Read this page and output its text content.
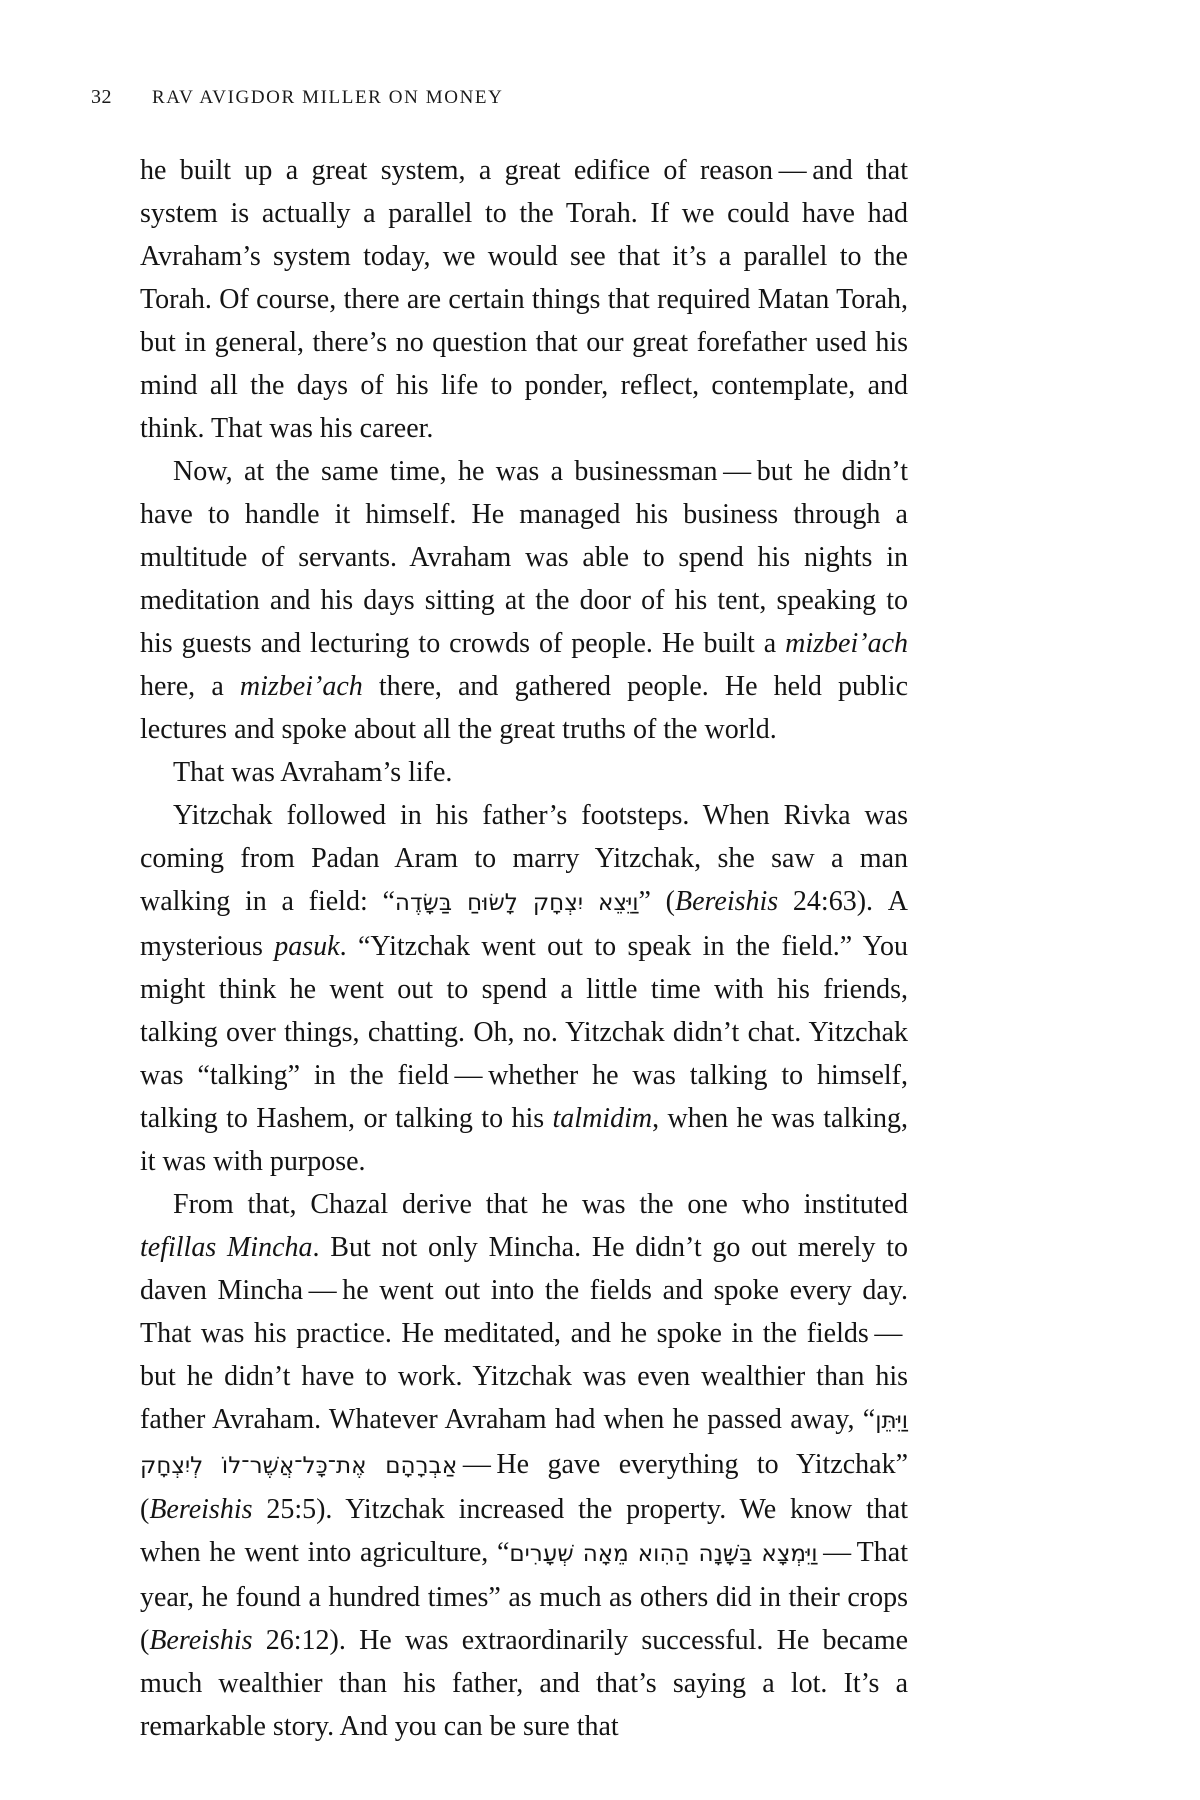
32 RAV AVIGDOR MILLER ON MONEY

he built up a great system, a great edifice of reason — and that system is actually a parallel to the Torah. If we could have had Avraham’s system today, we would see that it’s a parallel to the Torah. Of course, there are certain things that required Matan Torah, but in general, there’s no question that our great forefather used his mind all the days of his life to ponder, reflect, contemplate, and think. That was his career.

Now, at the same time, he was a businessman — but he didn’t have to handle it himself. He managed his business through a multitude of servants. Avraham was able to spend his nights in meditation and his days sitting at the door of his tent, speaking to his guests and lecturing to crowds of people. He built a mizbei’ach here, a mizbei’ach there, and gathered people. He held public lectures and spoke about all the great truths of the world.

That was Avraham’s life.

Yitzchak followed in his father’s footsteps. When Rivka was coming from Padan Aram to marry Yitzchak, she saw a man walking in a field: “וַיֵּצֵא יִצְחָק לָשׂוּחַ בַּשָּׂדֶה” (Bereishis 24:63). A mysterious pasuk. “Yitzchak went out to speak in the field.” You might think he went out to spend a little time with his friends, talking over things, chatting. Oh, no. Yitzchak didn’t chat. Yitzchak was “talking” in the field — whether he was talking to himself, talking to Hashem, or talking to his talmidim, when he was talking, it was with purpose.

From that, Chazal derive that he was the one who instituted tefillas Mincha. But not only Mincha. He didn’t go out merely to daven Mincha — he went out into the fields and spoke every day. That was his practice. He meditated, and he spoke in the fields — but he didn’t have to work. Yitzchak was even wealthier than his father Avraham. Whatever Avraham had when he passed away, “וַיִּתֵּן אַבְרָהָם אֶת־כָּל־אֲשֶׁר־לוֹ לְיִצְחָק — He gave everything to Yitzchak” (Bereishis 25:5). Yitzchak increased the property. We know that when he went into agriculture, “וַיִּמְצָא בַּשָּׁנָה הַהִוא מֵאָה שְׁעָרִים — That year, he found a hundred times” as much as others did in their crops (Bereishis 26:12). He was extraordinarily successful. He became much wealthier than his father, and that’s saying a lot. It’s a remarkable story. And you can be sure that
